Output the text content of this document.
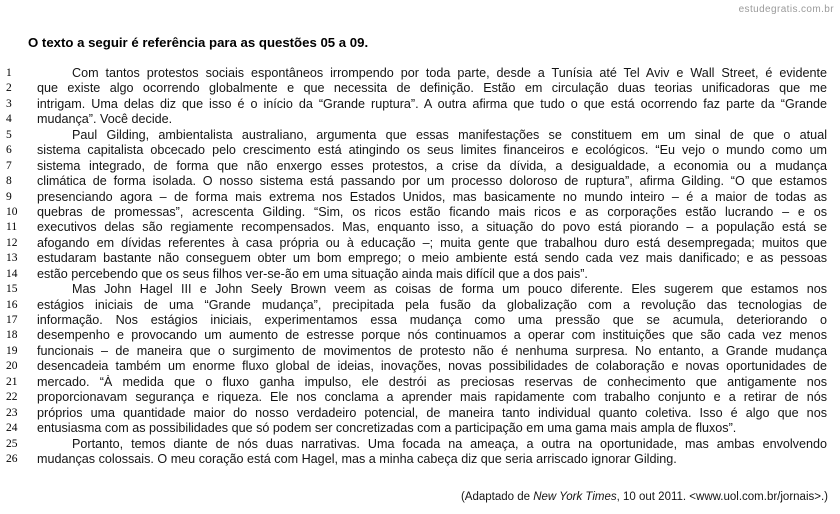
estudegratis.com.br
O texto a seguir é referência para as questões 05 a 09.
1	Com tantos protestos sociais espontâneos irrompendo por toda parte, desde a Tunísia até Tel Aviv e Wall Street, é evidente
2	que existe algo ocorrendo globalmente e que necessita de definição. Estão em circulação duas teorias unificadoras que me
3	intrigam. Uma delas diz que isso é o início da “Grande ruptura”. A outra afirma que tudo o que está ocorrendo faz parte da “Grande
4	mudança”. Você decide.
5	Paul Gilding, ambientalista australiano, argumenta que essas manifestações se constituem em um sinal de que o atual
6	sistema capitalista obcecado pelo crescimento está atingindo os seus limites financeiros e ecológicos. “Eu vejo o mundo como um
7	sistema integrado, de forma que não enxergo esses protestos, a crise da dívida, a desigualdade, a economia ou a mudança
8	climática de forma isolada. O nosso sistema está passando por um processo doloroso de ruptura”, afirma Gilding. “O que estamos
9	presenciando agora – de forma mais extrema nos Estados Unidos, mas basicamente no mundo inteiro – é a maior de todas as
10 quebras de promessas”, acrescenta Gilding. “Sim, os ricos estão ficando mais ricos e as corporações estão lucrando – e os
11 executivos delas são regiamente recompensados. Mas, enquanto isso, a situação do povo está piorando – a população está se
12 afogando em dívidas referentes à casa própria ou à educação –; muita gente que trabalhou duro está desempregada; muitos que
13 estudaram bastante não conseguem obter um bom emprego; o meio ambiente está sendo cada vez mais danificado; e as pessoas
14 estão percebendo que os seus filhos ver-se-ão em uma situação ainda mais difícil que a dos pais”.
15	Mas John Hagel III e John Seely Brown veem as coisas de forma um pouco diferente. Eles sugerem que estamos nos
16 estágios iniciais de uma “Grande mudança”, precipitada pela fusão da globalização com a revolução das tecnologias de
17 informação. Nos estágios iniciais, experimentamos essa mudança como uma pressão que se acumula, deteriorando o
18 desempenho e provocando um aumento de estresse porque nós continuamos a operar com instituições que são cada vez menos
19 funcionais – de maneira que o surgimento de movimentos de protesto não é nenhuma surpresa. No entanto, a Grande mudança
20 desencadeia também um enorme fluxo global de ideias, inovações, novas possibilidades de colaboração e novas oportunidades de
21 mercado. “À medida que o fluxo ganha impulso, ele destrói as preciosas reservas de conhecimento que antigamente nos
22 proporcionavam segurança e riqueza. Ele nos conclama a aprender mais rapidamente com trabalho conjunto e a retirar de nós
23 próprios uma quantidade maior do nosso verdadeiro potencial, de maneira tanto individual quanto coletiva. Isso é algo que nos
24 entusiasma com as possibilidades que só podem ser concretizadas com a participação em uma gama mais ampla de fluxos”.
25	Portanto, temos diante de nós duas narrativas. Uma focada na ameaça, a outra na oportunidade, mas ambas envolvendo
26 mudanças colossais. O meu coração está com Hagel, mas a minha cabeça diz que seria arriscado ignorar Gilding.
(Adaptado de New York Times, 10 out 2011. <www.uol.com.br/jornais>.)
